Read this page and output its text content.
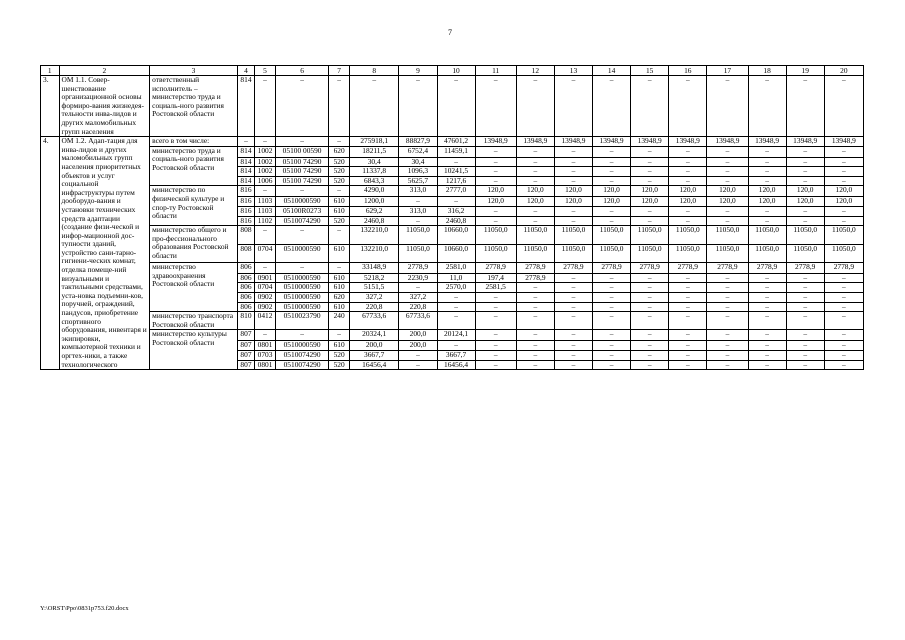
7
1	2	3	4	5	6	7	8	9	10	11	12	13	14	15	16	17	18	19	20
3.	ОМ 1.1. Совер-шенствование организационной основы формиро-вания жизнедея-тельности инва-лидов и других маломобильных групп населения	ответственный исполнитель – министерство труда и социаль-ного развития Ростовской области	814	–	–	–	–	–	–	–	–	–	–	–	–	–	–	–	–
4.	ОМ 1.2. Адап-тация для инва-лидов и других маломобильных групп населения приоритетных объектов и услуг социальной инфраструктуры путем дооборудо-вания и установки технических средств адаптации (создание физи-ческой и инфор-мационной дос-тупности зданий, устройство сани-тарно-гигиени-ческих комнат, отделка помеще-ний визуальными и тактильными средствами, уста-новка подъемни-ков, поручней, ограждений, пандусов, приобретение спортивного оборудования, инвентаря и экипировки, компьютерной техники и оргтех-ники, а также технологического	всего в том числе:	–	–	–	–	275918,1	88827,9	47601,2	13948,9	13948,9	13948,9	13948,9	13948,9	13948,9	13948,9	13948,9	13948,9	13948,9
		министерство труда и социаль-ного развития Ростовской области	814	1002	05100 00590	620	18211,5	6752,4	11459,1	–	–	–	–	–	–	–	–	–	–
			814	1002	05100 74290	520	30,4	30,4	–	–	–	–	–	–	–	–	–	–	–
			814	1002	05100 74290	520	11337,8	1096,3	10241,5	–	–	–	–	–	–	–	–	–	–
			814	1006	05100 74290	520	6843,3	5625,7	1217,6	–	–	–	–	–	–	–	–	–	–
		министерство по физической культуре и спор-ту Ростовской области	816	–	–	–	4290,0	313,0	2777,0	120,0	120,0	120,0	120,0	120,0	120,0	120,0	120,0	120,0	120,0
			816	1103	0510000590	610	1200,0	–	–	120,0	120,0	120,0	120,0	120,0	120,0	120,0	120,0	120,0	120,0
			816	1103	05100R0273	610	629,2	313,0	316,2	–	–	–	–	–	–	–	–	–	–
			816	1102	0510074290	520	2460,8	–	2460,8	–	–	–	–	–	–	–	–	–	–
		министерство общего и про-фессионального образования Ростовской области	808	–	–	–	132210,0	11050,0	10660,0	11050,0	11050,0	11050,0	11050,0	11050,0	11050,0	11050,0	11050,0	11050,0	11050,0
			808	0704	0510000590	610	132210,0	11050,0	10660,0	11050,0	11050,0	11050,0	11050,0	11050,0	11050,0	11050,0	11050,0	11050,0	11050,0
		министерство здравоохранения Ростовской области	806	–	–	–	33148,9	2778,9	2581,0	2778,9	2778,9	2778,9	2778,9	2778,9	2778,9	2778,9	2778,9	2778,9	2778,9
			806	0901	0510000590	610	5218,2	2230,9	11,0	197,4	2778,9	–	–	–	–	–	–	–	–
			806	0704	0510000590	610	5151,5	–	2570,0	2581,5	–	–	–	–	–	–	–	–	–
			806	0902	0510000590	620	327,2	327,2	–	–	–	–	–	–	–	–	–	–	–
			806	0902	0510000590	610	220,8	220,8	–	–	–	–	–	–	–	–	–	–	–
		министерство транспорта Ростовской области	810	0412	0510023790	240	67733,6	67733,6	–	–	–	–	–	–	–	–	–	–	–
		министерство культуры Ростовской области	807	–	–	–	20324,1	200,0	20124,1	–	–	–	–	–	–	–	–	–	–
			807	0801	0510000590	610	200,0	200,0	–	–	–	–	–	–	–	–	–	–	–
			807	0703	0510074290	520	3667,7	–	3667,7	–	–	–	–	–	–	–	–	–	–
			807	0801	0510074290	520	16456,4	–	16456,4	–	–	–	–	–	–	–	–	–	–
Y:\ORST\Ppo\0831p753.f20.docx
